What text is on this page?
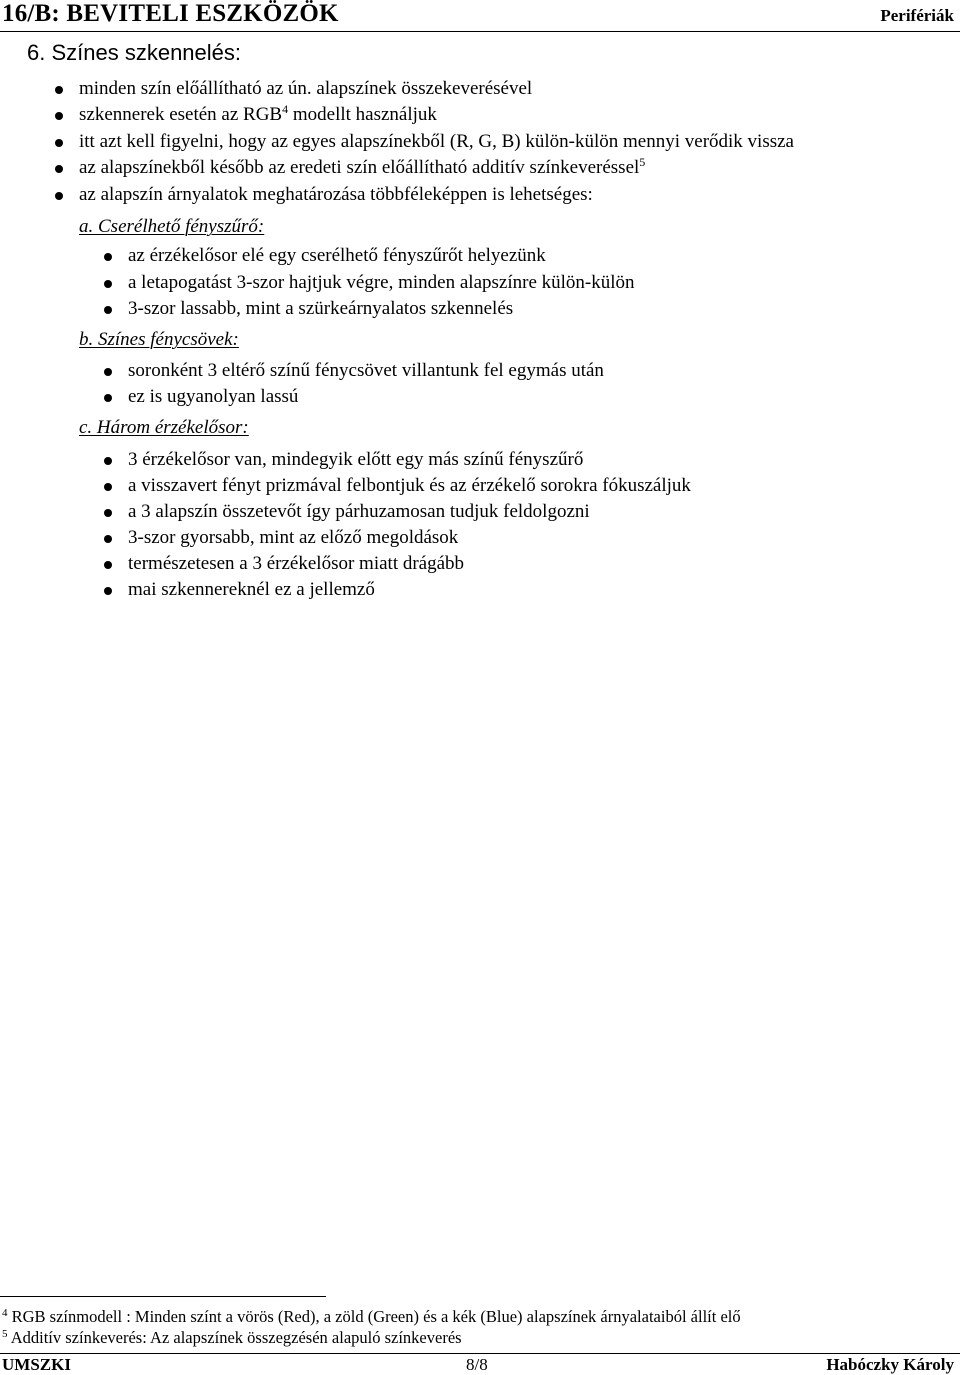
16/B: BEVITELI ESZKÖZÖK	Perifériák
6. Színes szkennelés:
minden szín előállítható az ún. alapszínek összekeverésével
szkennerek esetén az RGB$^4$ modellt használjuk
itt azt kell figyelni, hogy az egyes alapszínekből (R, G, B) külön-külön mennyi verődik vissza
az alapszínekből később az eredeti szín előállítható additív színkeveréssel$^5$
az alapszín árnyalatok meghatározása többféleképpen is lehetséges:
a. Cserélhető fényszűrő:
az érzékelősor elé egy cserélhető fényszűrőt helyezünk
a letapogatást 3-szor hajtjuk végre, minden alapszínre külön-külön
3-szor lassabb, mint a szürkeárnyalatos szkennelés
b. Színes fénycsövek:
soronként 3 eltérő színű fénycsövet villantunk fel egymás után
ez is ugyanolyan lassú
c. Három érzékelősor:
3 érzékelősor van, mindegyik előtt egy más színű fényszűrő
a visszavert fényt prizmával felbontjuk és az érzékelő sorokra fókuszáljuk
a 3 alapszín összetevőt így párhuzamosan tudjuk feldolgozni
3-szor gyorsabb, mint az előző megoldások
természetesen a 3 érzékelősor miatt drágább
mai szkennereknél ez a jellemző
$^4$ RGB színmodell : Minden színt a vörös (Red), a zöld (Green) és a kék (Blue) alapszínek árnyalataiból állít elő
$^5$ Additív színkeverés: Az alapszínek összegzésén alapuló színkeverés
UMSZKI	8/8	Habóczky Károly
